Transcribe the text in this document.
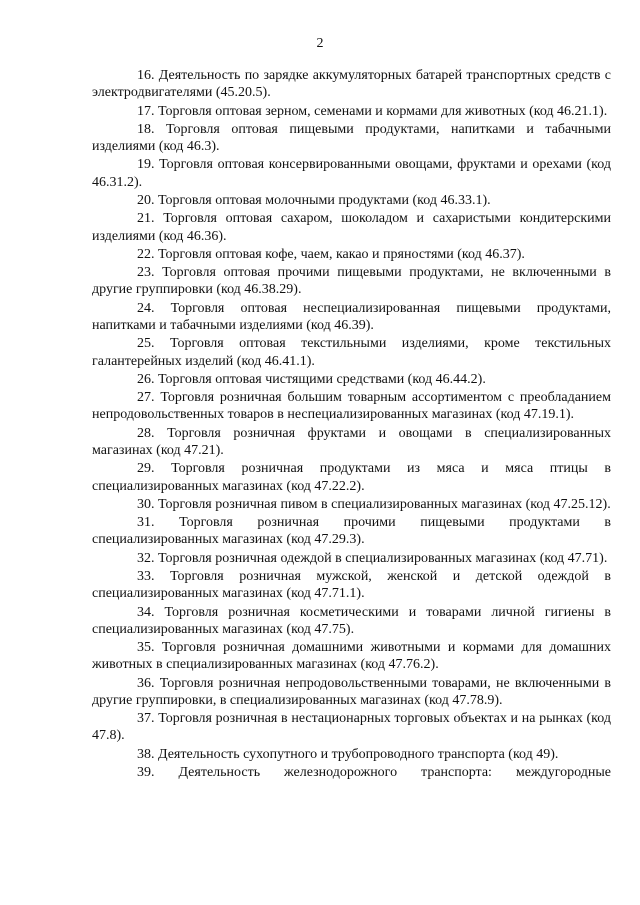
2

16. Деятельность по зарядке аккумуляторных батарей транспортных средств с электродвигателями (45.20.5).

17. Торговля оптовая зерном, семенами и кормами для животных (код 46.21.1).

18. Торговля оптовая пищевыми продуктами, напитками и табачными изделиями (код 46.3).

19. Торговля оптовая консервированными овощами, фруктами и орехами (код 46.31.2).

20. Торговля оптовая молочными продуктами (код 46.33.1).

21. Торговля оптовая сахаром, шоколадом и сахаристыми кондитерскими изделиями (код 46.36).

22. Торговля оптовая кофе, чаем, какао и пряностями (код 46.37).

23. Торговля оптовая прочими пищевыми продуктами, не включенными в другие группировки (код 46.38.29).

24. Торговля оптовая неспециализированная пищевыми продуктами, напитками и табачными изделиями (код 46.39).

25. Торговля оптовая текстильными изделиями, кроме текстильных галантерейных изделий (код 46.41.1).

26. Торговля оптовая чистящими средствами (код 46.44.2).

27. Торговля розничная большим товарным ассортиментом с преобладанием непродовольственных товаров в неспециализированных магазинах (код 47.19.1).

28. Торговля розничная фруктами и овощами в специализированных магазинах (код 47.21).

29. Торговля розничная продуктами из мяса и мяса птицы в специализированных магазинах (код 47.22.2).

30. Торговля розничная пивом в специализированных магазинах (код 47.25.12).

31. Торговля розничная прочими пищевыми продуктами в специализированных магазинах (код 47.29.3).

32. Торговля розничная одеждой в специализированных магазинах (код 47.71).

33. Торговля розничная мужской, женской и детской одеждой в специализированных магазинах (код 47.71.1).

34. Торговля розничная косметическими и товарами личной гигиены в специализированных магазинах (код 47.75).

35. Торговля розничная домашними животными и кормами для домашних животных в специализированных магазинах (код 47.76.2).

36. Торговля розничная непродовольственными товарами, не включенными в другие группировки, в специализированных магазинах (код 47.78.9).

37. Торговля розничная в нестационарных торговых объектах и на рынках (код 47.8).

38. Деятельность сухопутного и трубопроводного транспорта (код 49).

39. Деятельность железнодорожного транспорта: междугородные
